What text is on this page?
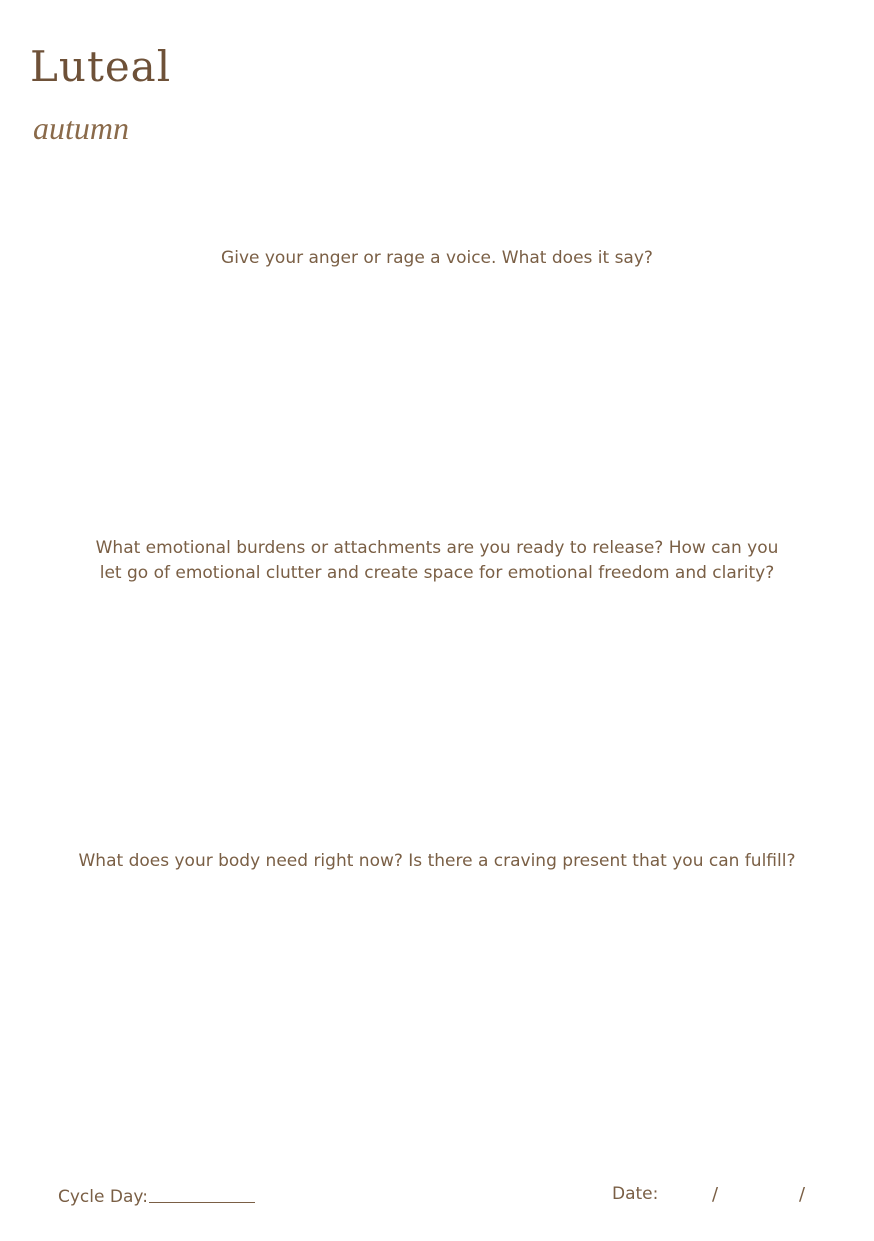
Luteal
autumn
Give your anger or rage a voice. What does it say?
What emotional burdens or attachments are you ready to release? How can you
let go of emotional clutter and create space for emotional freedom and clarity?
What does your body need right now? Is there a craving present that you can fulfill?
Cycle Day:	Date:	/	/
